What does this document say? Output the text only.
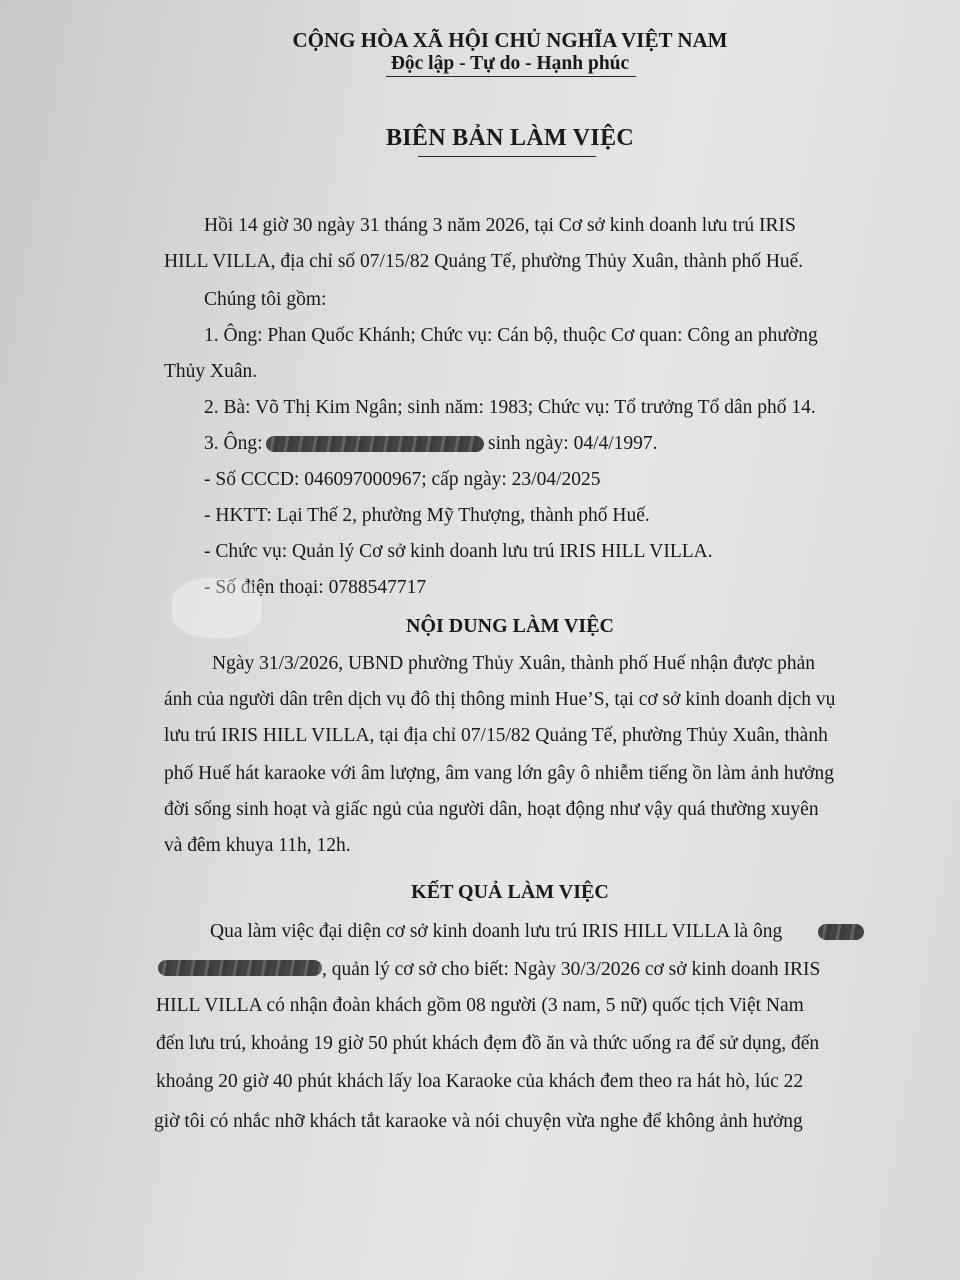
CỘNG HÒA XÃ HỘI CHỦ NGHĨA VIỆT NAM
Độc lập - Tự do - Hạnh phúc
BIÊN BẢN LÀM VIỆC
Hồi 14 giờ 30 ngày 31 tháng 3 năm 2026, tại Cơ sở kinh doanh lưu trú IRIS
HILL VILLA, địa chỉ số 07/15/82 Quảng Tế, phường Thủy Xuân, thành phố Huế.
Chúng tôi gồm:
1. Ông: Phan Quốc Khánh; Chức vụ: Cán bộ, thuộc Cơ quan: Công an phường
Thủy Xuân.
2. Bà: Võ Thị Kim Ngân; sinh năm: 1983; Chức vụ: Tổ trưởng Tổ dân phố 14.
3. Ông:	sinh ngày: 04/4/1997.
- Số CCCD: 046097000967; cấp ngày: 23/04/2025
- HKTT: Lại Thế 2, phường Mỹ Thượng, thành phố Huế.
- Chức vụ: Quản lý Cơ sở kinh doanh lưu trú IRIS HILL VILLA.
- Số điện thoại: 0788547717
NỘI DUNG LÀM VIỆC
Ngày 31/3/2026, UBND phường Thủy Xuân, thành phố Huế nhận được phản
ánh của người dân trên dịch vụ đô thị thông minh Hue’S, tại cơ sở kinh doanh dịch vụ
lưu trú IRIS HILL VILLA, tại địa chỉ 07/15/82 Quảng Tế, phường Thủy Xuân, thành
phố Huế hát karaoke với âm lượng, âm vang lớn gây ô nhiễm tiếng ồn làm ảnh hưởng
đời sống sinh hoạt và giấc ngủ của người dân, hoạt động như vậy quá thường xuyên
và đêm khuya 11h, 12h.
KẾT QUẢ LÀM VIỆC
Qua làm việc đại diện cơ sở kinh doanh lưu trú IRIS HILL VILLA là ông
, quản lý cơ sở cho biết: Ngày 30/3/2026 cơ sở kinh doanh IRIS
HILL VILLA có nhận đoàn khách gồm 08 người (3 nam, 5 nữ) quốc tịch Việt Nam
đến lưu trú, khoảng 19 giờ 50 phút khách đẹm đồ ăn và thức uống ra để sử dụng, đến
khoảng 20 giờ 40 phút khách lấy loa Karaoke của khách đem theo ra hát hò, lúc 22
giờ tôi có nhắc nhỡ khách tắt karaoke và nói chuyện vừa nghe để không ảnh hưởng
